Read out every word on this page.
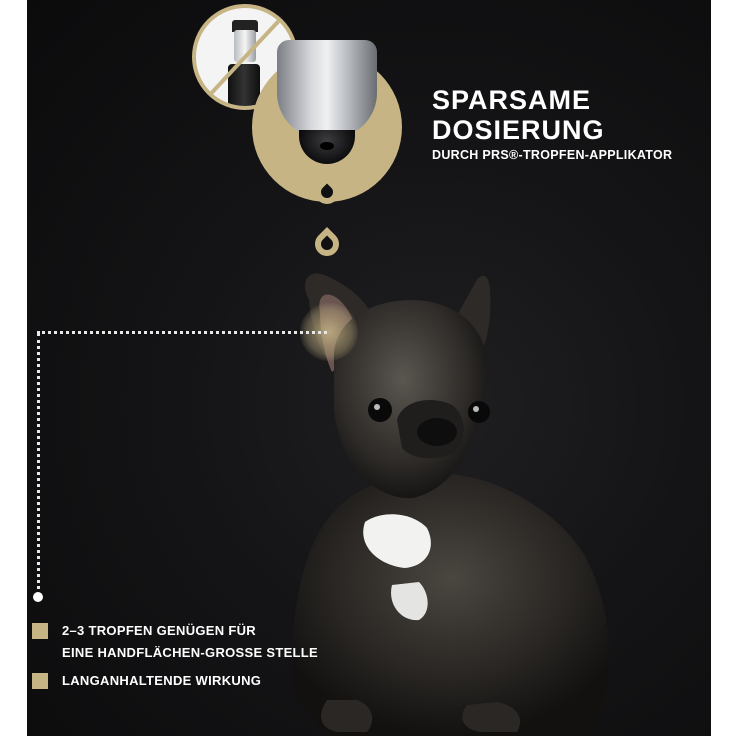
SPARSAME
DOSIERUNG
DURCH PRS®-TROPFEN-APPLIKATOR
2–3 TROPFEN GENÜGEN FÜR
EINE HANDFLÄCHEN-GROSSE STELLE
LANGANHALTENDE WIRKUNG
